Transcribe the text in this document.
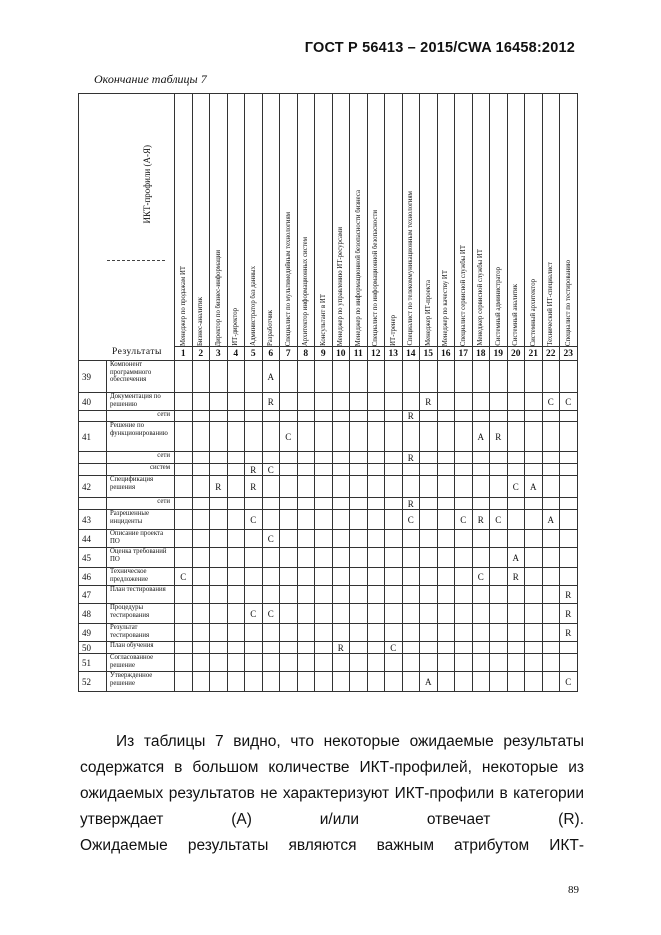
ГОСТ Р 56413 – 2015/CWA 16458:2012
Окончание таблицы 7
ИКТ-профили (А-Я)
Результаты		Менеджер по продажам ИТ	Бизнес-аналитик	Директор по бизнес-информации	ИТ-директор	Администратор баз данных	Разработчик	Специалист по мультимедийным технологиям	Архитектор информационных систем	Консультант в ИТ	Менеджер по управлению ИТ-ресурсами	Менеджер по информационной безопасности бизнеса	Специалист по информационной безопасности	ИТ-тренер	Специалист по телекоммуникационным технологиям	Менеджер ИТ-проекта	Менеджер по качеству ИТ	Специалист сервисной службы ИТ	Менеджер сервисной службы ИТ	Системный администратор	Системный аналитик	Системный архитектор	Технический ИТ-специалист	Специалист по тестированию

		1	2	3	4	5	6	7	8	9	10	11	12	13	14	15	16	17	18	19	20	21	22	23
39	Компонент программного обеспечения						A																	
40	Документация по решению						R									R							C	C
	сети														R									
41	Решение по функционированию							C											A	R				
	сети														R									
	систем					R	C																	
42	Спецификация решения			R		R															C	A		
	сети														R									
43	Разрешенные инциденты					C									C			C	R	C			A	
44	Описание проекта ПО						C																	
45	Оценка требований ПО																				A			
46	Техническое предложение	C																	C		R			
47	План тестирования																							R
48	Процедуры тестирования					C	C																	R
49	Результат тестирования																							R
50	План обучения										R			C										
51	Согласованное решение																							
52	Утвержденное решение															A								C
Из таблицы 7 видно, что некоторые ожидаемые результаты
содержатся в большом количестве ИКТ-профилей, некоторые из
ожидаемых результатов не характеризуют ИКТ-профили в категории
утверждает (А) и/или отвечает (R).
Ожидаемые результаты являются важным атрибутом ИКТ-
89
